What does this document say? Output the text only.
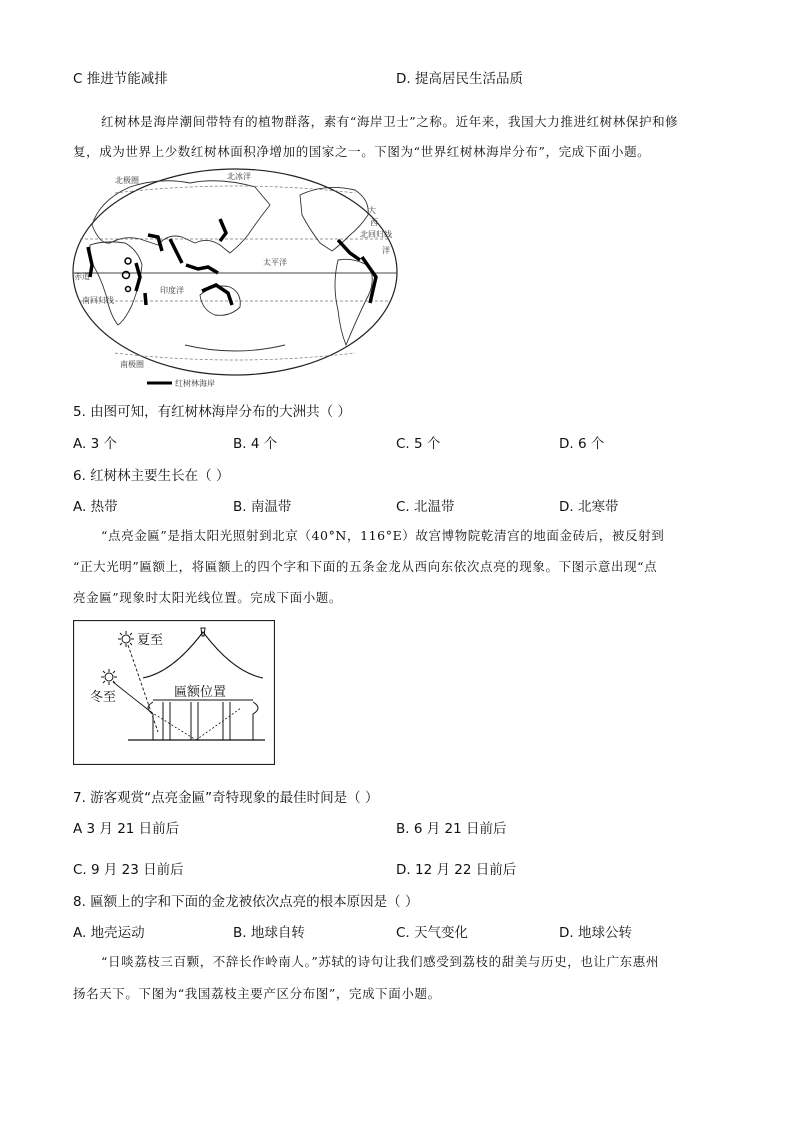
C 推进节能减排	D. 提高居民生活品质
红树林是海岸潮间带特有的植物群落，素有“海岸卫士”之称。近年来，我国大力推进红树林保护和修
复，成为世界上少数红树林面积净增加的国家之一。下图为“世界红树林海岸分布”，完成下面小题。
北极圈	北冰洋
大
西
北回归线
洋
太平洋
赤道
印度洋
南回归线
南极圈
红树林海岸
5. 由图可知，有红树林海岸分布的大洲共（ ）
A. 3 个	B. 4 个	C. 5 个	D. 6 个
6. 红树林主要生长在（ ）
A. 热带	B. 南温带	C. 北温带	D. 北寒带
“点亮金匾”是指太阳光照射到北京（40°N，116°E）故宫博物院乾清宫的地面金砖后，被反射到
“正大光明”匾额上，将匾额上的四个字和下面的五条金龙从西向东依次点亮的现象。下图示意出现“点
亮金匾”现象时太阳光线位置。完成下面小题。
夏至
冬至	匾额位置
7. 游客观赏“点亮金匾”奇特现象的最佳时间是（ ）
A 3 月 21 日前后	B. 6 月 21 日前后
C. 9 月 23 日前后	D. 12 月 22 日前后
8. 匾额上的字和下面的金龙被依次点亮的根本原因是（ ）
A. 地壳运动	B. 地球自转	C. 天气变化	D. 地球公转
“日啖荔枝三百颗，不辞长作岭南人。”苏轼的诗句让我们感受到荔枝的甜美与历史，也让广东惠州
扬名天下。下图为“我国荔枝主要产区分布图”，完成下面小题。
